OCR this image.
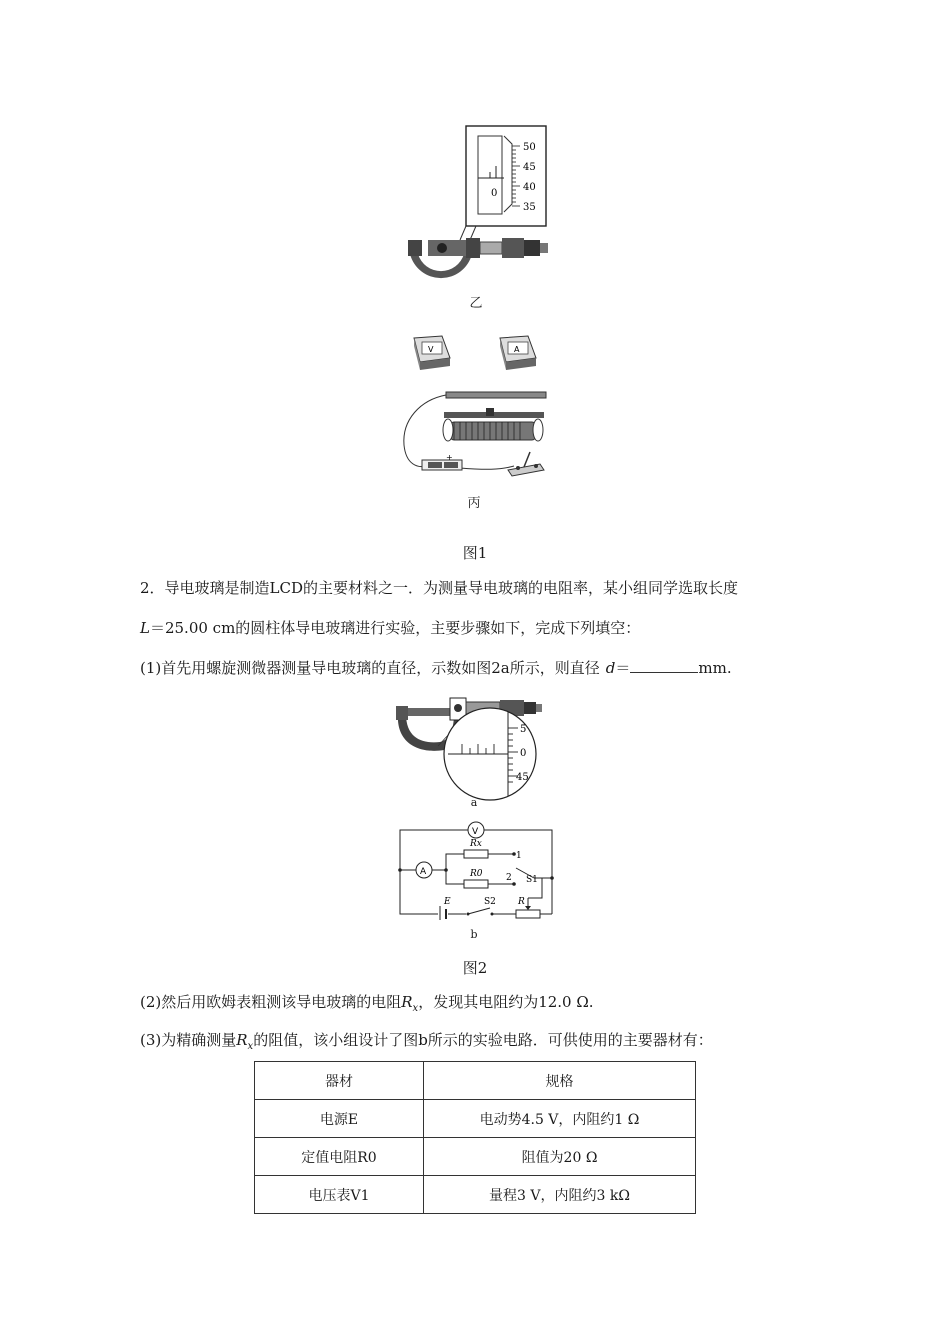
50
45
40
35
0
乙
V	A
+
丙
图1
2．导电玻璃是制造LCD的主要材料之一．为测量导电玻璃的电阻率，某小组同学选取长度
L＝25.00 cm的圆柱体导电玻璃进行实验，主要步骤如下，完成下列填空：
(1)首先用螺旋测微器测量导电玻璃的直径，示数如图2a所示，则直径 d＝	mm.
5
0
45
a
V
A
Rx
R0
1
2 S1
E	S2 R
b
图2
(2)然后用欧姆表粗测该导电玻璃的电阻$R_x$，发现其电阻约为12.0 Ω.
(3)为精确测量$R_x$的阻值，该小组设计了图b所示的实验电路．可供使用的主要器材有：
器材	规格
电源E	电动势4.5 V，内阻约1 Ω
定值电阻R0	阻值为20 Ω
电压表V1	量程3 V，内阻约3 kΩ
